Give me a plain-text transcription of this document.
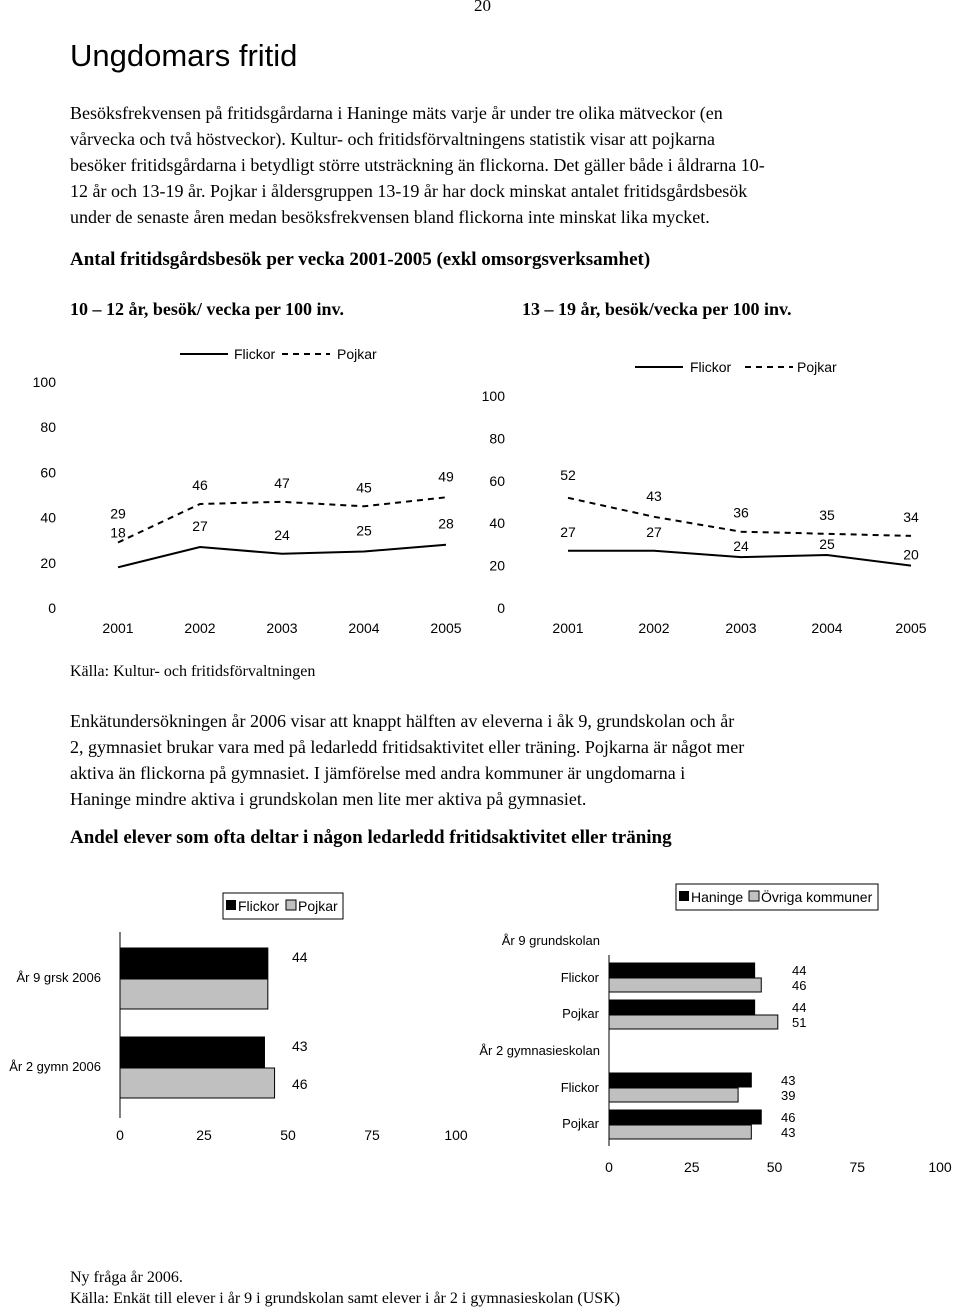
20
Ungdomars fritid
Besöksfrekvensen på fritidsgårdarna i Haninge mäts varje år under tre olika mätveckor (en
vårvecka och två höstveckor). Kultur- och fritidsförvaltningens statistik visar att pojkarna
besöker fritidsgårdarna i betydligt större utsträckning än flickorna. Det gäller både i åldrarna 10-
12 år och 13-19 år. Pojkar i åldersgruppen 13-19 år har dock minskat antalet fritidsgårdsbesök
under de senaste åren medan besöksfrekvensen bland flickorna inte minskat lika mycket.
Antal fritidsgårdsbesök per vecka 2001-2005 (exkl omsorgsverksamhet)
10 – 12 år, besök/ vecka per 100 inv.	13 – 19 år, besök/vecka per 100 inv.
0
20
40
60
80
100
2001	2002	2003	2004	2005
18	27
24	25	28
29
46	47	45
49
Flickor	Pojkar
0
20
40
60
80
100
2001	2002	2003	2004	2005
27	27
24	25
20
52
43
36	35	34
Flickor	Pojkar
Källa: Kultur- och fritidsförvaltningen
Enkätundersökningen år 2006 visar att knappt hälften av eleverna i åk 9, grundskolan och år
2, gymnasiet brukar vara med på ledarledd fritidsaktivitet eller träning. Pojkarna är något mer
aktiva än flickorna på gymnasiet. I jämförelse med andra kommuner är ungdomarna i
Haninge mindre aktiva i grundskolan men lite mer aktiva på gymnasiet.
Andel elever som ofta deltar i någon ledarledd fritidsaktivitet eller träning
År 9 grsk 2006
44
År 2 gymn 2006
43
46
0	25	50	75	100
Flickor Pojkar
År 9 grundskolan
Flickor	44
46
Pojkar	44
51
År 2 gymnasieskolan
Flickor	43
39
Pojkar	46
43
0	25	50	75	100
Haninge Övriga kommuner
Ny fråga år 2006.
Källa: Enkät till elever i år 9 i grundskolan samt elever i år 2 i gymnasieskolan (USK)
